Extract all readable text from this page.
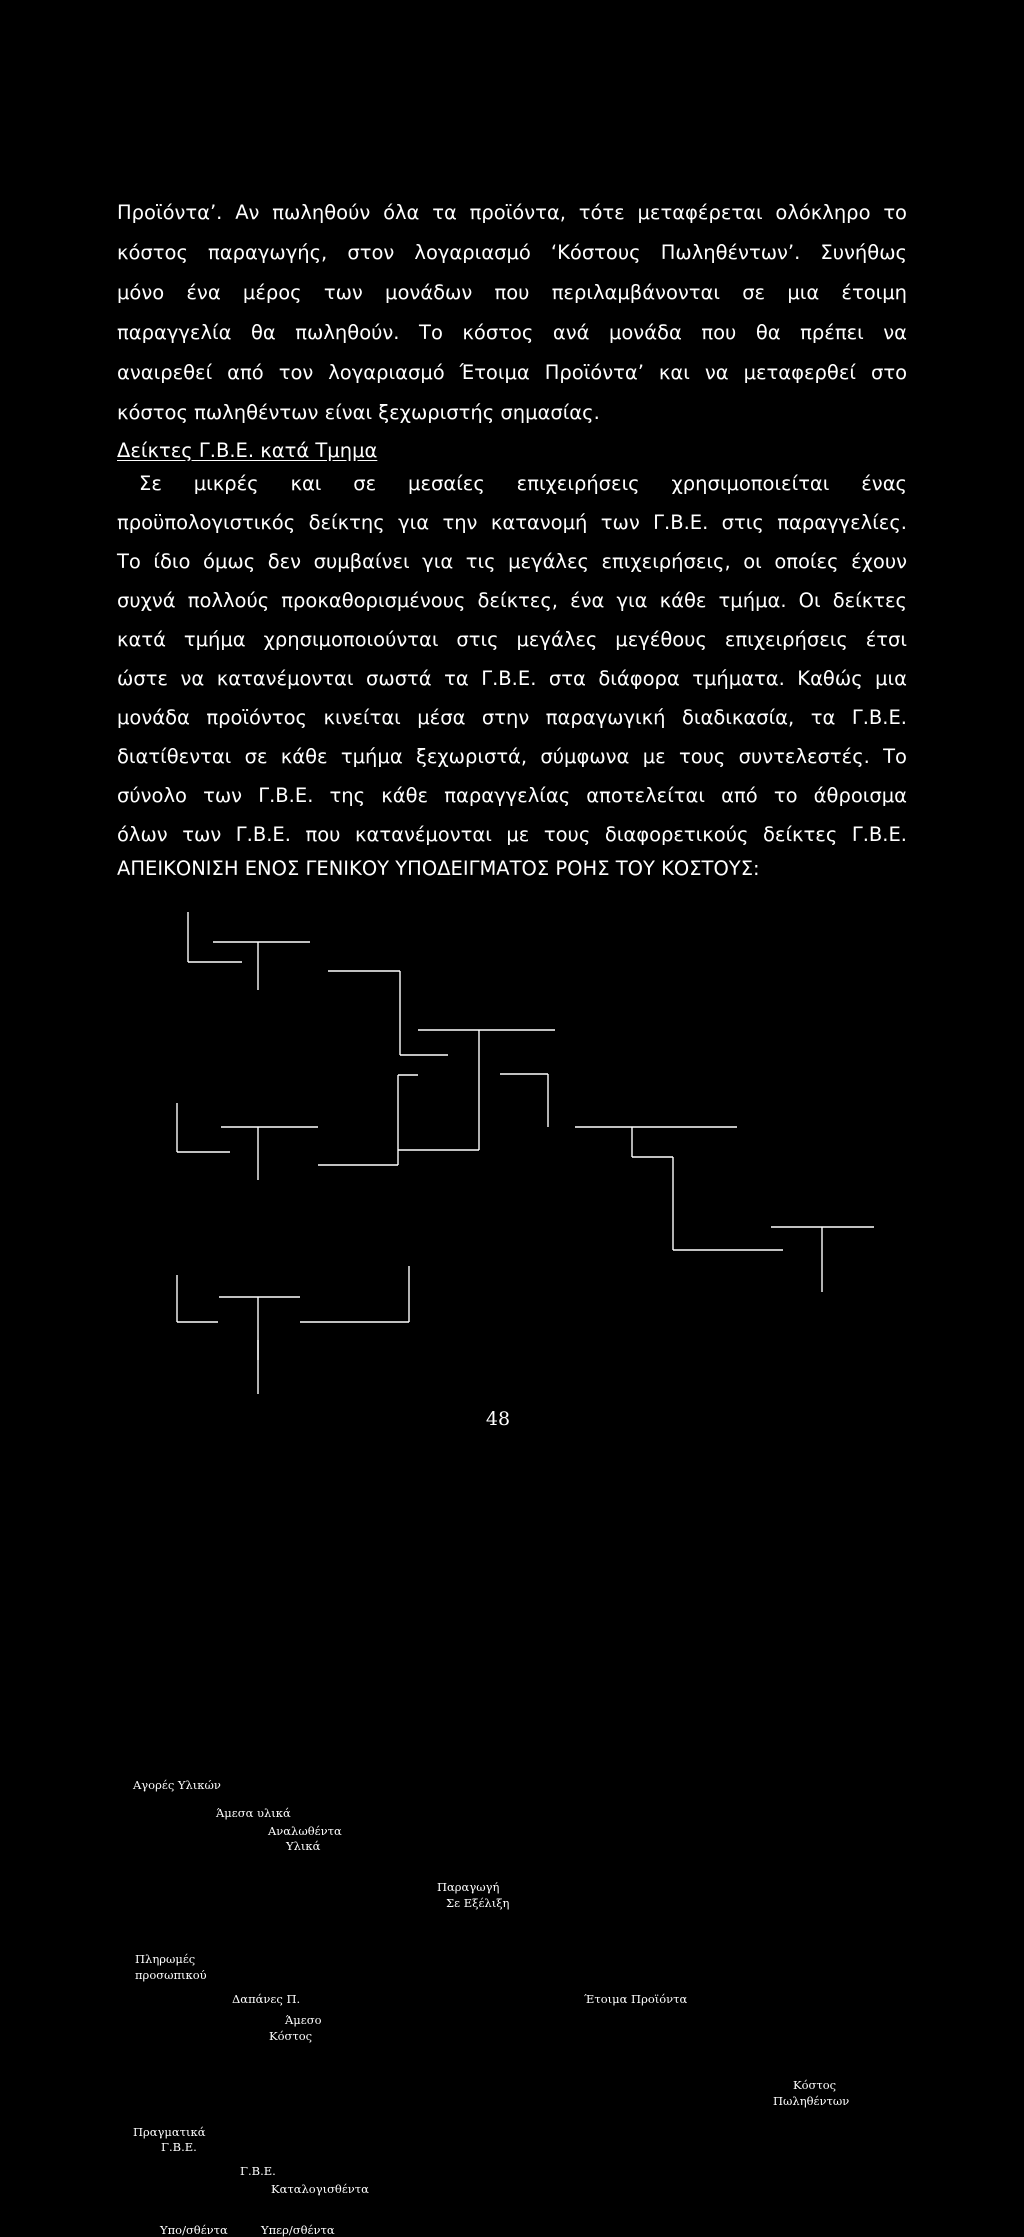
Προϊόντα’. Αν πωληθούν όλα τα προϊόντα, τότε μεταφέρεται ολόκληρο το
κόστος παραγωγής, στον λογαριασμό ‘Κόστους Πωληθέντων’. Συνήθως
μόνο ένα μέρος των μονάδων που περιλαμβάνονται σε μια έτοιμη
παραγγελία θα πωληθούν. Το κόστος ανά μονάδα που θα πρέπει να
αναιρεθεί από τον λογαριασμό Έτοιμα Προϊόντα’ και να μεταφερθεί στο
κόστος πωληθέντων είναι ξεχωριστής σημασίας.
Δείκτες Γ.Β.Ε. κατά Τμημα
Σε μικρές και σε μεσαίες επιχειρήσεις χρησιμοποιείται ένας
προϋπολογιστικός δείκτης για την κατανομή των Γ.Β.Ε. στις παραγγελίες.
Το ίδιο όμως δεν συμβαίνει για τις μεγάλες επιχειρήσεις, οι οποίες έχουν
συχνά πολλούς προκαθορισμένους δείκτες, ένα για κάθε τμήμα. Οι δείκτες
κατά τμήμα χρησιμοποιούνται στις μεγάλες μεγέθους επιχειρήσεις έτσι
ώστε να κατανέμονται σωστά τα Γ.Β.Ε. στα διάφορα τμήματα. Καθώς μια
μονάδα προϊόντος κινείται μέσα στην παραγωγική διαδικασία, τα Γ.Β.Ε.
διατίθενται σε κάθε τμήμα ξεχωριστά, σύμφωνα με τους συντελεστές. Το
σύνολο των Γ.Β.Ε. της κάθε παραγγελίας αποτελείται από το άθροισμα
όλων των Γ.Β.Ε. που κατανέμονται με τους διαφορετικούς δείκτες Γ.Β.Ε.
ΑΠΕΙΚΟΝΙΣΗ ΕΝΟΣ ΓΕΝΙΚΟΥ ΥΠΟΔΕΙΓΜΑΤΟΣ ΡΟΗΣ ΤΟΥ ΚΟΣΤΟΥΣ:
Αγορές Υλικών
Άμεσα υλικά
Αναλωθέντα
Υλικά
Παραγωγή
Σε Εξέλιξη
Πληρωμές
προσωπικού
Δαπάνες Π.	Έτοιμα Προϊόντα
Άμεσο
Κόστος
Κόστος
Πωληθέντων
Πραγματικά
Γ.Β.Ε.
Γ.Β.Ε.
Καταλογισθέντα
Υπο/σθέντα	Υπερ/σθέντα
48
